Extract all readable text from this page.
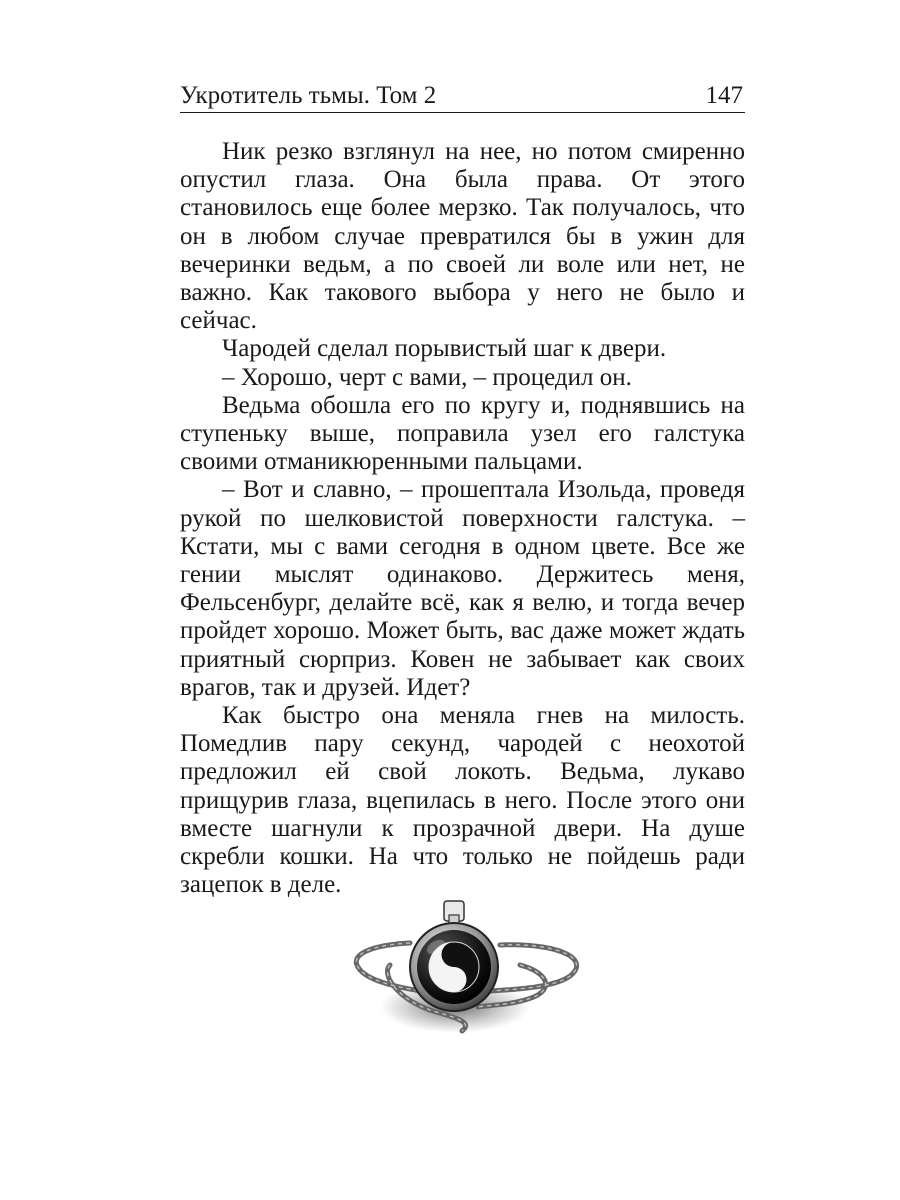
Укротитель тьмы. Том 2	147

Ник резко взглянул на нее, но потом смиренно опустил глаза. Она была права. От этого становилось еще более мерзко. Так получалось, что он в любом случае превратился бы в ужин для вечеринки ведьм, а по своей ли воле или нет, не важно. Как такового выбора у него не было и сейчас.

Чародей сделал порывистый шаг к двери.

– Хорошо, черт с вами, – процедил он.

Ведьма обошла его по кругу и, поднявшись на ступеньку выше, поправила узел его галстука своими отманикюренными пальцами.

– Вот и славно, – прошептала Изольда, проведя рукой по шелковистой поверхности галстука. – Кстати, мы с вами сегодня в одном цвете. Все же гении мыслят одинаково. Держитесь меня, Фельсенбург, делайте всё, как я велю, и тогда вечер пройдет хорошо. Может быть, вас даже может ждать приятный сюрприз. Ковен не забывает как своих врагов, так и друзей. Идет?

Как быстро она меняла гнев на милость. Помедлив пару секунд, чародей с неохотой предложил ей свой локоть. Ведьма, лукаво прищурив глаза, вцепилась в него. После этого они вместе шагнули к прозрачной двери. На душе скребли кошки. На что только не пойдешь ради зацепок в деле.
